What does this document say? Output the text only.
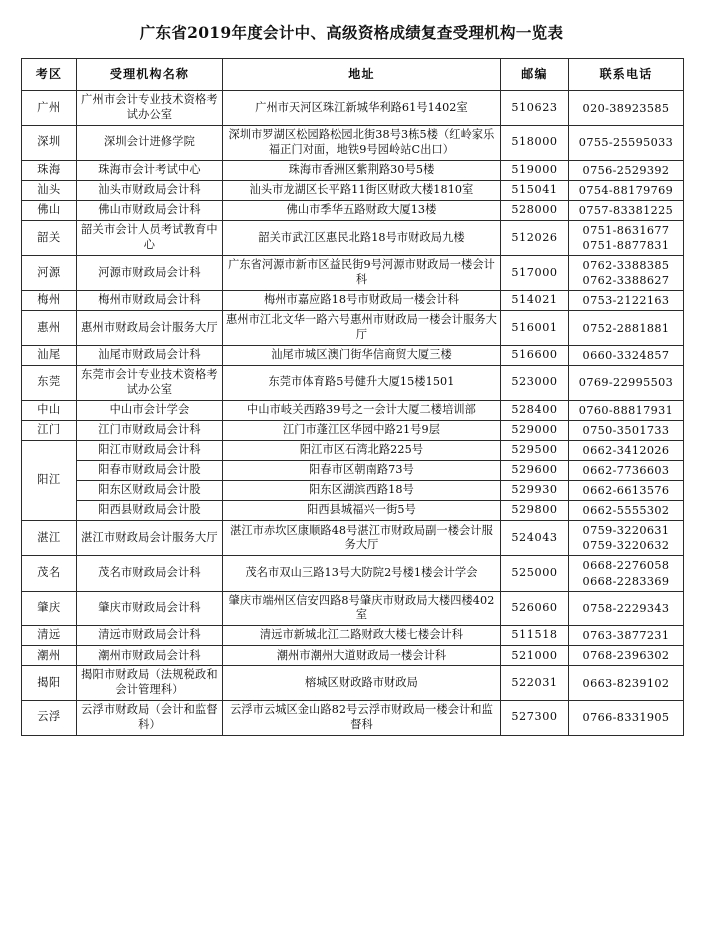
广东省2019年度会计中、高级资格成绩复查受理机构一览表
考区	受理机构名称	地址	邮编	联系电话
广州	广州市会计专业技术资格考试办公室	广州市天河区珠江新城华利路61号1402室	510623	020-38923585

深圳	深圳会计进修学院	深圳市罗湖区松园路松园北街38号3栋5楼（红岭家乐福正门对面，地铁9号园岭站C出口）	518000	0755-25595033

珠海	珠海市会计考试中心	珠海市香洲区紫荆路30号5楼	519000	0756-2529392

汕头	汕头市财政局会计科	汕头市龙湖区长平路11街区财政大楼1810室	515041	0754-88179769

佛山	佛山市财政局会计科	佛山市季华五路财政大厦13楼	528000	0757-83381225

韶关	韶关市会计人员考试教育中心	韶关市武江区惠民北路18号市财政局九楼	512026	0751-8631677
0751-8877831

河源	河源市财政局会计科	广东省河源市新市区益民街9号河源市财政局一楼会计科	517000	0762-3388385
0762-3388627

梅州	梅州市财政局会计科	梅州市嘉应路18号市财政局一楼会计科	514021	0753-2122163

惠州	惠州市财政局会计服务大厅	惠州市江北文华一路六号惠州市财政局一楼会计服务大厅	516001	0752-2881881

汕尾	汕尾市财政局会计科	汕尾市城区澳门街华信商贸大厦三楼	516600	0660-3324857

东莞	东莞市会计专业技术资格考试办公室	东莞市体育路5号健升大厦15楼1501	523000	0769-22995503

中山	中山市会计学会	中山市岐关西路39号之一会计大厦二楼培训部	528400	0760-88817931

江门	江门市财政局会计科	江门市蓬江区华园中路21号9层	529000	0750-3501733

阳江	阳江市财政局会计科	阳江市区石湾北路225号	529500	0662-3412026

	阳春市财政局会计股	阳春市区朝南路73号	529600	0662-7736603

	阳东区财政局会计股	阳东区湖滨西路18号	529930	0662-6613576

	阳西县财政局会计股	阳西县城福兴一街5号	529800	0662-5555302

湛江	湛江市财政局会计服务大厅	湛江市赤坎区康顺路48号湛江市财政局副一楼会计服务大厅	524043	0759-3220631
0759-3220632

茂名	茂名市财政局会计科	茂名市双山三路13号大防院2号楼1楼会计学会	525000	0668-2276058
0668-2283369

肇庆	肇庆市财政局会计科	肇庆市端州区信安四路8号肇庆市财政局大楼四楼402室	526060	0758-2229343

清远	清远市财政局会计科	清远市新城北江二路财政大楼七楼会计科	511518	0763-3877231

潮州	潮州市财政局会计科	潮州市潮州大道财政局一楼会计科	521000	0768-2396302

揭阳	揭阳市财政局（法规税政和会计管理科）	榕城区财政路市财政局	522031	0663-8239102

云浮	云浮市财政局（会计和监督科）	云浮市云城区金山路82号云浮市财政局一楼会计和监督科	527300	0766-8331905
